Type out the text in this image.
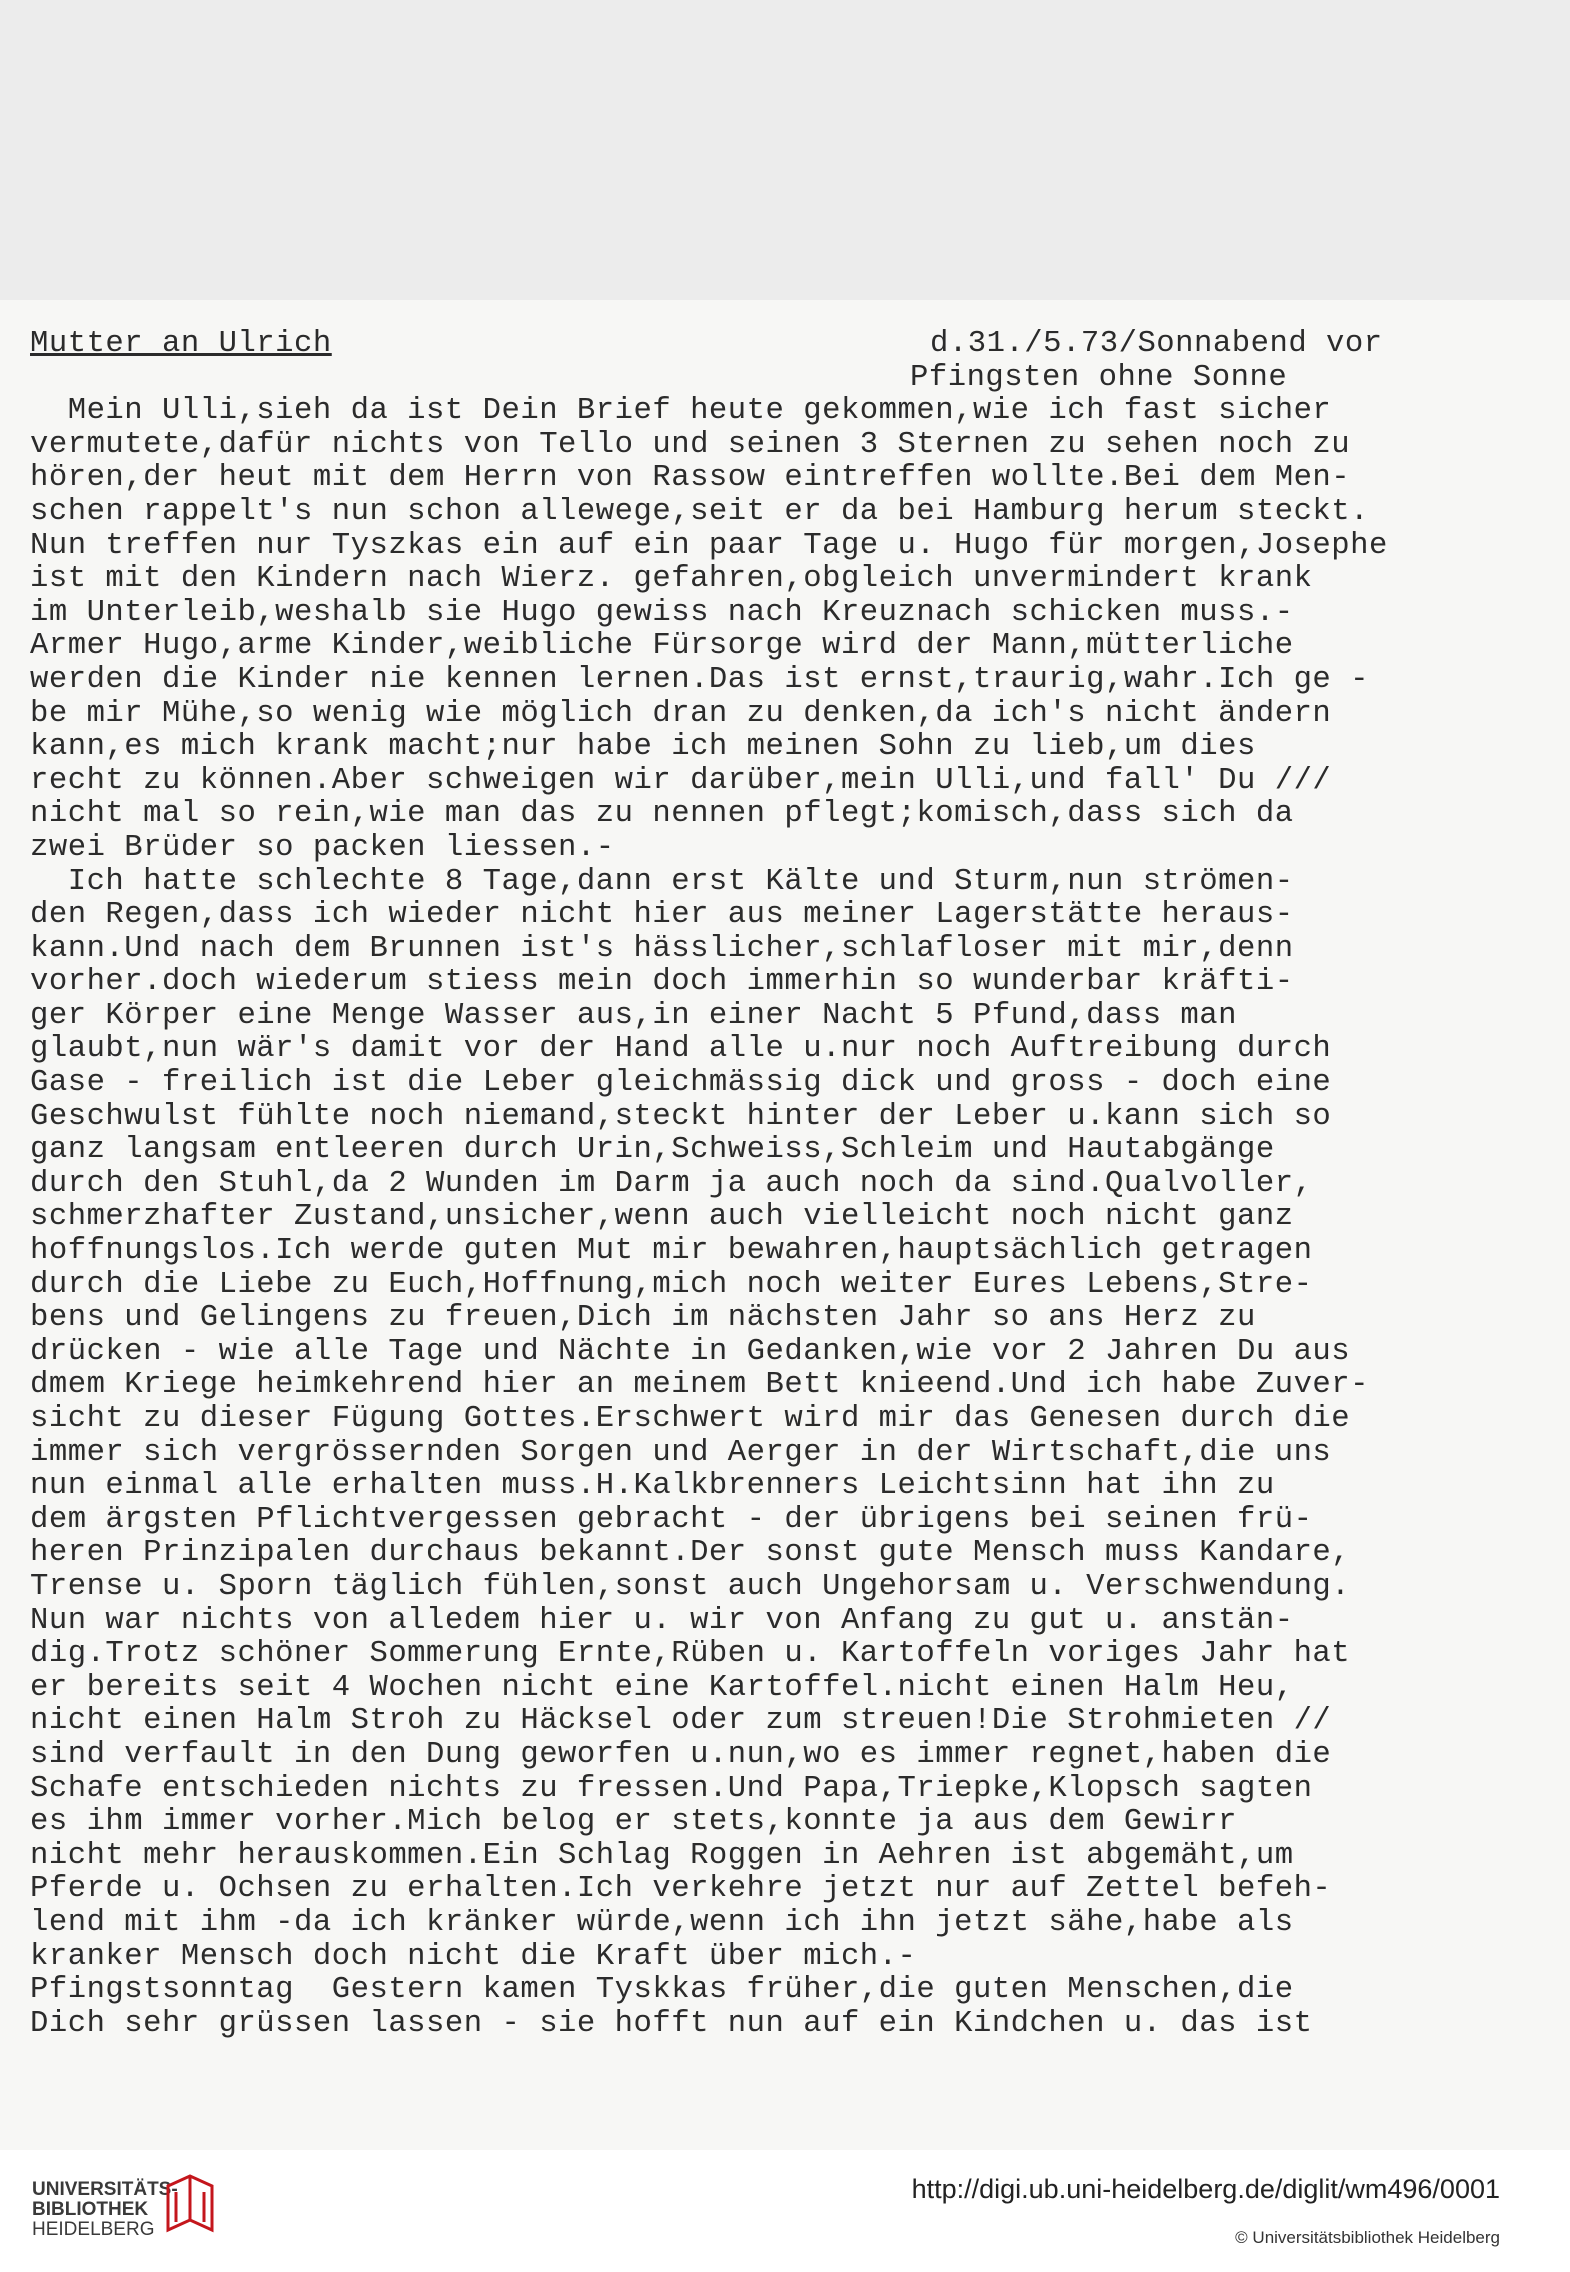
Mutter an Ulrich	d.31./5.73/Sonnabend vor
Pfingsten ohne Sonne
Mein Ulli,sieh da ist Dein Brief heute gekommen,wie ich fast sicher
vermutete,dafür nichts von Tello und seinen 3 Sternen zu sehen noch zu
hören,der heut mit dem Herrn von Rassow eintreffen wollte.Bei dem Men-
schen rappelt's nun schon allewege,seit er da bei Hamburg herum steckt.
Nun treffen nur Tyszkas ein auf ein paar Tage u. Hugo für morgen,Josephe
ist mit den Kindern nach Wierz. gefahren,obgleich unvermindert krank
im Unterleib,weshalb sie Hugo gewiss nach Kreuznach schicken muss.-
Armer Hugo,arme Kinder,weibliche Fürsorge wird der Mann,mütterliche
werden die Kinder nie kennen lernen.Das ist ernst,traurig,wahr.Ich ge -
be mir Mühe,so wenig wie möglich dran zu denken,da ich's nicht ändern
kann,es mich krank macht;nur habe ich meinen Sohn zu lieb,um dies
recht zu können.Aber schweigen wir darüber,mein Ulli,und fall' Du ///
nicht mal so rein,wie man das zu nennen pflegt;komisch,dass sich da
zwei Brüder so packen liessen.-
Ich hatte schlechte 8 Tage,dann erst Kälte und Sturm,nun strömen-
den Regen,dass ich wieder nicht hier aus meiner Lagerstätte heraus-
kann.Und nach dem Brunnen ist's hässlicher,schlafloser mit mir,denn
vorher.doch wiederum stiess mein doch immerhin so wunderbar kräfti-
ger Körper eine Menge Wasser aus,in einer Nacht 5 Pfund,dass man
glaubt,nun wär's damit vor der Hand alle u.nur noch Auftreibung durch
Gase - freilich ist die Leber gleichmässig dick und gross - doch eine
Geschwulst fühlte noch niemand,steckt hinter der Leber u.kann sich so
ganz langsam entleeren durch Urin,Schweiss,Schleim und Hautabgänge
durch den Stuhl,da 2 Wunden im Darm ja auch noch da sind.Qualvoller,
schmerzhafter Zustand,unsicher,wenn auch vielleicht noch nicht ganz
hoffnungslos.Ich werde guten Mut mir bewahren,hauptsächlich getragen
durch die Liebe zu Euch,Hoffnung,mich noch weiter Eures Lebens,Stre-
bens und Gelingens zu freuen,Dich im nächsten Jahr so ans Herz zu
drücken - wie alle Tage und Nächte in Gedanken,wie vor 2 Jahren Du aus
dmem Kriege heimkehrend hier an meinem Bett knieend.Und ich habe Zuver-
sicht zu dieser Fügung Gottes.Erschwert wird mir das Genesen durch die
immer sich vergrössernden Sorgen und Aerger in der Wirtschaft,die uns
nun einmal alle erhalten muss.H.Kalkbrenners Leichtsinn hat ihn zu
dem ärgsten Pflichtvergessen gebracht - der übrigens bei seinen frü-
heren Prinzipalen durchaus bekannt.Der sonst gute Mensch muss Kandare,
Trense u. Sporn täglich fühlen,sonst auch Ungehorsam u. Verschwendung.
Nun war nichts von alledem hier u. wir von Anfang zu gut u. anstän-
dig.Trotz schöner Sommerung Ernte,Rüben u. Kartoffeln voriges Jahr hat
er bereits seit 4 Wochen nicht eine Kartoffel.nicht einen Halm Heu,
nicht einen Halm Stroh zu Häcksel oder zum streuen!Die Strohmieten //
sind verfault in den Dung geworfen u.nun,wo es immer regnet,haben die
Schafe entschieden nichts zu fressen.Und Papa,Triepke,Klopsch sagten
es ihm immer vorher.Mich belog er stets,konnte ja aus dem Gewirr
nicht mehr herauskommen.Ein Schlag Roggen in Aehren ist abgemäht,um
Pferde u. Ochsen zu erhalten.Ich verkehre jetzt nur auf Zettel befeh-
lend mit ihm -da ich kränker würde,wenn ich ihn jetzt sähe,habe als
kranker Mensch doch nicht die Kraft über mich.-
Pfingstsonntag  Gestern kamen Tyskkas früher,die guten Menschen,die
Dich sehr grüssen lassen - sie hofft nun auf ein Kindchen u. das ist
UNIVERSITÄTS-
BIBLIOTHEK
HEIDELBERG
http://digi.ub.uni-heidelberg.de/diglit/wm496/0001
© Universitätsbibliothek Heidelberg
